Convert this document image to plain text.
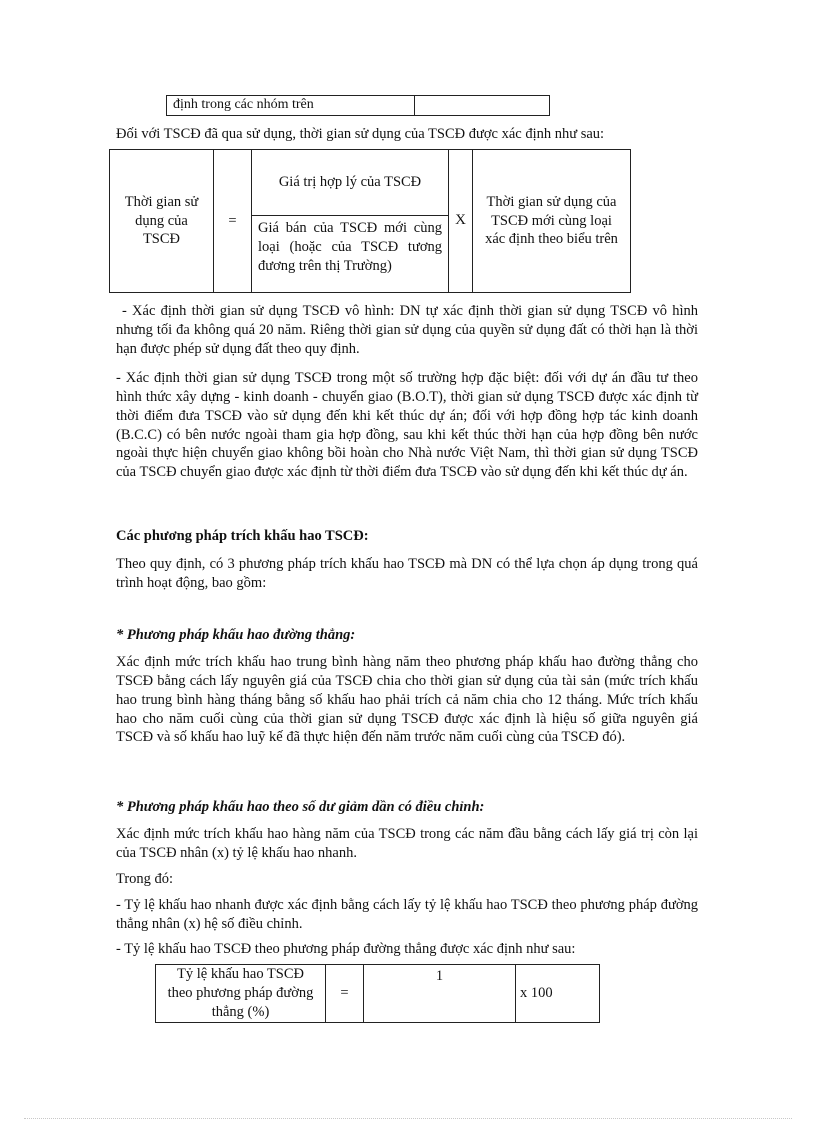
định trong các nhóm trên	

Đối với TSCĐ đã qua sử dụng, thời gian sử dụng của TSCĐ được xác định như sau:

Thời gian sử dụng của TSCĐ	=	Giá trị hợp lý của TSCĐ	X	Thời gian sử dụng của TSCĐ mới cùng loại xác định theo biểu trên
Giá bán của TSCĐ mới cùng loại (hoặc của TSCĐ tương đương trên thị Trường)

- Xác định thời gian sử dụng TSCĐ vô hình: DN tự xác định thời gian sử dụng TSCĐ vô hình nhưng tối đa không quá 20 năm. Riêng thời gian sử dụng của quyền sử dụng đất có thời hạn là thời hạn được phép sử dụng đất theo quy định.

- Xác định thời gian sử dụng TSCĐ trong một số trường hợp đặc biệt: đối với dự án đầu tư theo hình thức xây dựng - kinh doanh - chuyển giao (B.O.T), thời gian sử dụng TSCĐ được xác định từ thời điểm đưa TSCĐ vào sử dụng đến khi kết thúc dự án; đối với hợp đồng hợp tác kinh doanh (B.C.C) có bên nước ngoài tham gia hợp đồng, sau khi kết thúc thời hạn của hợp đồng bên nước ngoài thực hiện chuyển giao không bồi hoàn cho Nhà nước Việt Nam, thì thời gian sử dụng TSCĐ của TSCĐ chuyển giao được xác định từ thời điểm đưa TSCĐ vào sử dụng đến khi kết thúc dự án.

Các phương pháp trích khấu hao TSCĐ:

Theo quy định, có 3 phương pháp trích khấu hao TSCĐ mà DN có thể lựa chọn áp dụng trong quá trình hoạt động, bao gồm:

* Phương pháp khấu hao đường thẳng:

Xác định mức trích khấu hao trung bình hàng năm theo phương pháp khấu hao đường thẳng cho TSCĐ bằng cách lấy nguyên giá của TSCĐ chia cho thời gian sử dụng của tài sản (mức trích khấu hao trung bình hàng tháng bằng số khấu hao phải trích cả năm chia cho 12 tháng. Mức trích khấu hao cho năm cuối cùng của thời gian sử dụng TSCĐ được xác định là hiệu số giữa nguyên giá TSCĐ và số khấu hao luỹ kế đã thực hiện đến năm trước năm cuối cùng của TSCĐ đó).

* Phương pháp khấu hao theo số dư giảm dần có điều chỉnh:

Xác định mức trích khấu hao hàng năm của TSCĐ trong các năm đầu bằng cách lấy giá trị còn lại của TSCĐ nhân (x) tỷ lệ khấu hao nhanh.

Trong đó:

- Tỷ lệ khấu hao nhanh được xác định bằng cách lấy tỷ lệ khấu hao TSCĐ theo phương pháp đường thẳng nhân (x) hệ số điều chỉnh.

- Tỷ lệ khấu hao TSCĐ theo phương pháp đường thẳng được xác định như sau:

Tỷ lệ khấu hao TSCĐ theo phương pháp đường thẳng (%)	=	1	x 100
